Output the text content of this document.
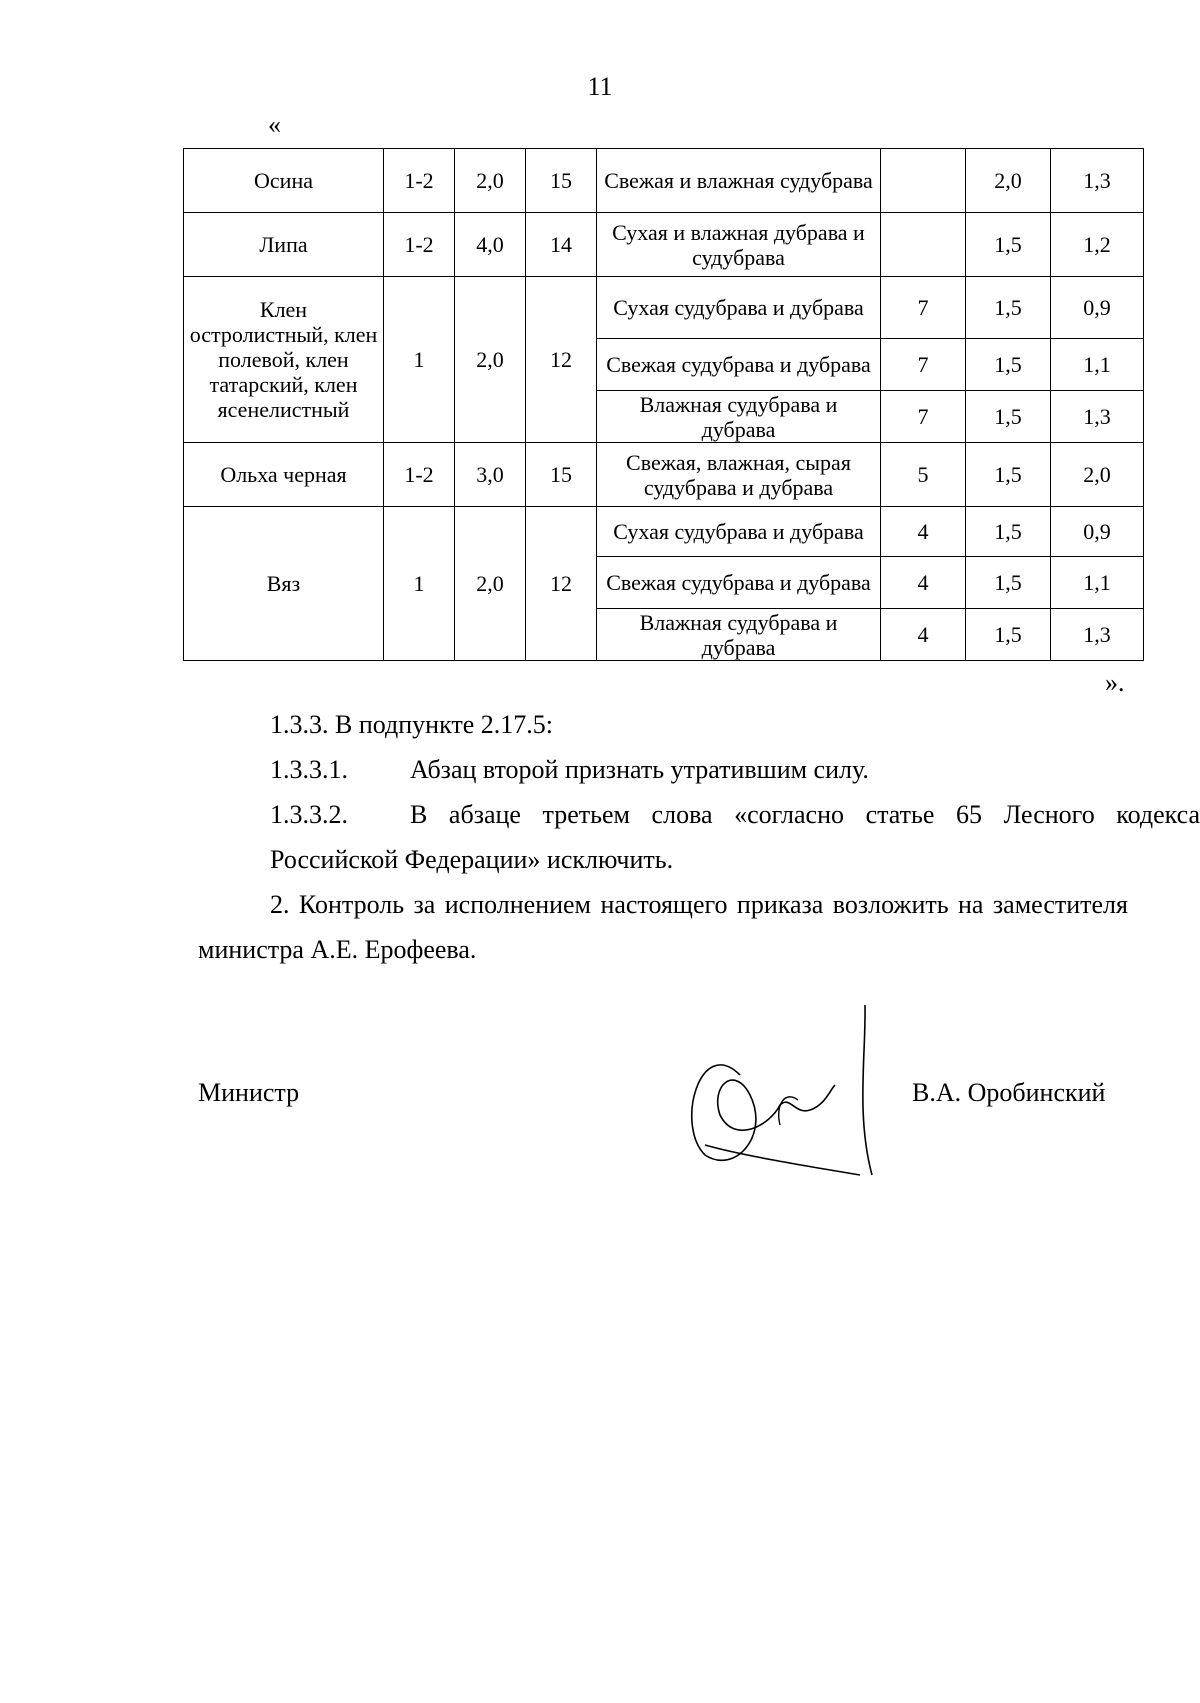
11
«
Осина	1-2	2,0	15	Свежая и влажная судубрава		2,0	1,3
Липа	1-2	4,0	14	Сухая и влажная дубрава и судубрава		1,5	1,2
Клен остролистный, клен полевой, клен татарский, клен ясенелистный	1	2,0	12	Сухая судубрава и дубрава	7	1,5	0,9
				Свежая судубрава и дубрава	7	1,5	1,1
				Влажная судубрава и дубрава	7	1,5	1,3
Ольха черная	1-2	3,0	15	Свежая, влажная, сырая судубрава и дубрава	5	1,5	2,0
Вяз	1	2,0	12	Сухая судубрава и дубрава	4	1,5	0,9
				Свежая судубрава и дубрава	4	1,5	1,1
				Влажная судубрава и дубрава	4	1,5	1,3
».

1.3.3. В подпункте 2.17.5:

1.3.3.1. Абзац второй признать утратившим силу.

1.3.3.2. В абзаце третьем слова «согласно статье 65 Лесного кодекса Российской Федерации» исключить.

2. Контроль за исполнением настоящего приказа возложить на заместителя министра А.Е. Ерофеева.

Министр	В.А. Оробинский
